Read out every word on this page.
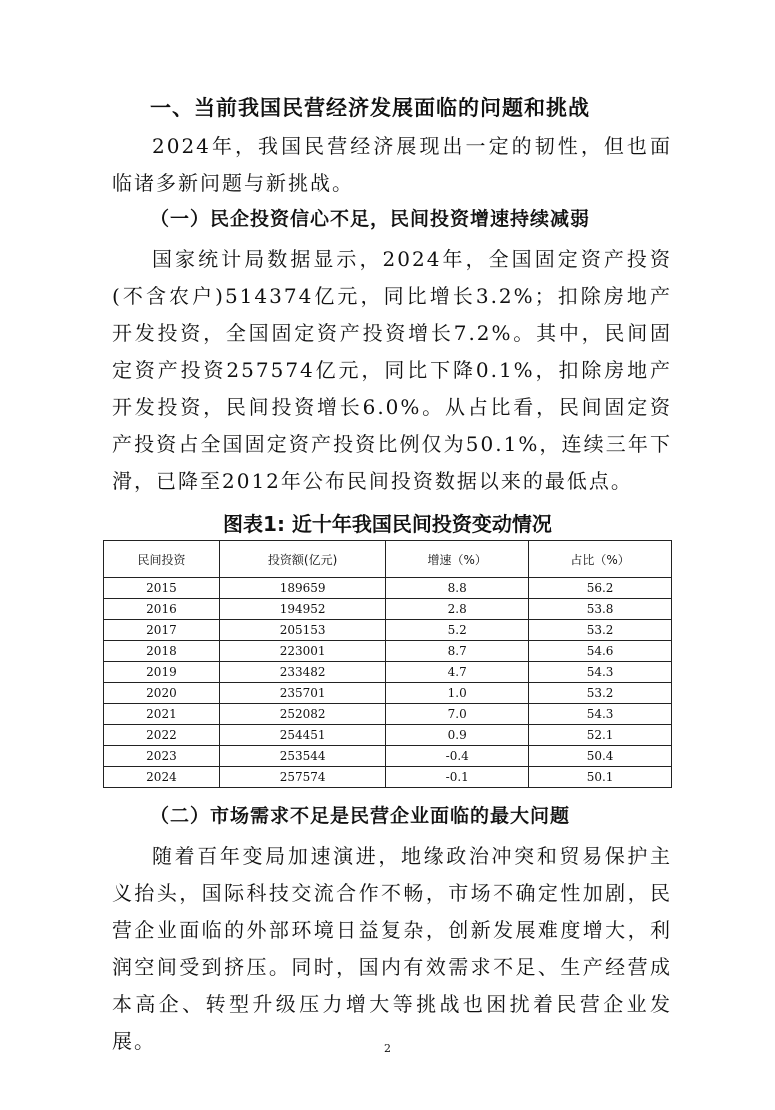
一、当前我国民营经济发展面临的问题和挑战
2024年，我国民营经济展现出一定的韧性，但也面临诸多新问题与新挑战。
（一）民企投资信心不足，民间投资增速持续减弱
国家统计局数据显示，2024年，全国固定资产投资(不含农户)514374亿元，同比增长3.2%；扣除房地产开发投资，全国固定资产投资增长7.2%。其中，民间固定资产投资257574亿元，同比下降0.1%，扣除房地产开发投资，民间投资增长6.0%。从占比看，民间固定资产投资占全国固定资产投资比例仅为50.1%，连续三年下滑，已降至2012年公布民间投资数据以来的最低点。
图表1: 近十年我国民间投资变动情况
民间投资	投资额(亿元)	增速（%）	占比（%）
2015	189659	8.8	56.2
2016	194952	2.8	53.8
2017	205153	5.2	53.2
2018	223001	8.7	54.6
2019	233482	4.7	54.3
2020	235701	1.0	53.2
2021	252082	7.0	54.3
2022	254451	0.9	52.1
2023	253544	-0.4	50.4
2024	257574	-0.1	50.1
（二）市场需求不足是民营企业面临的最大问题
随着百年变局加速演进，地缘政治冲突和贸易保护主义抬头，国际科技交流合作不畅，市场不确定性加剧，民营企业面临的外部环境日益复杂，创新发展难度增大，利润空间受到挤压。同时，国内有效需求不足、生产经营成本高企、转型升级压力增大等挑战也困扰着民营企业发展。	2
